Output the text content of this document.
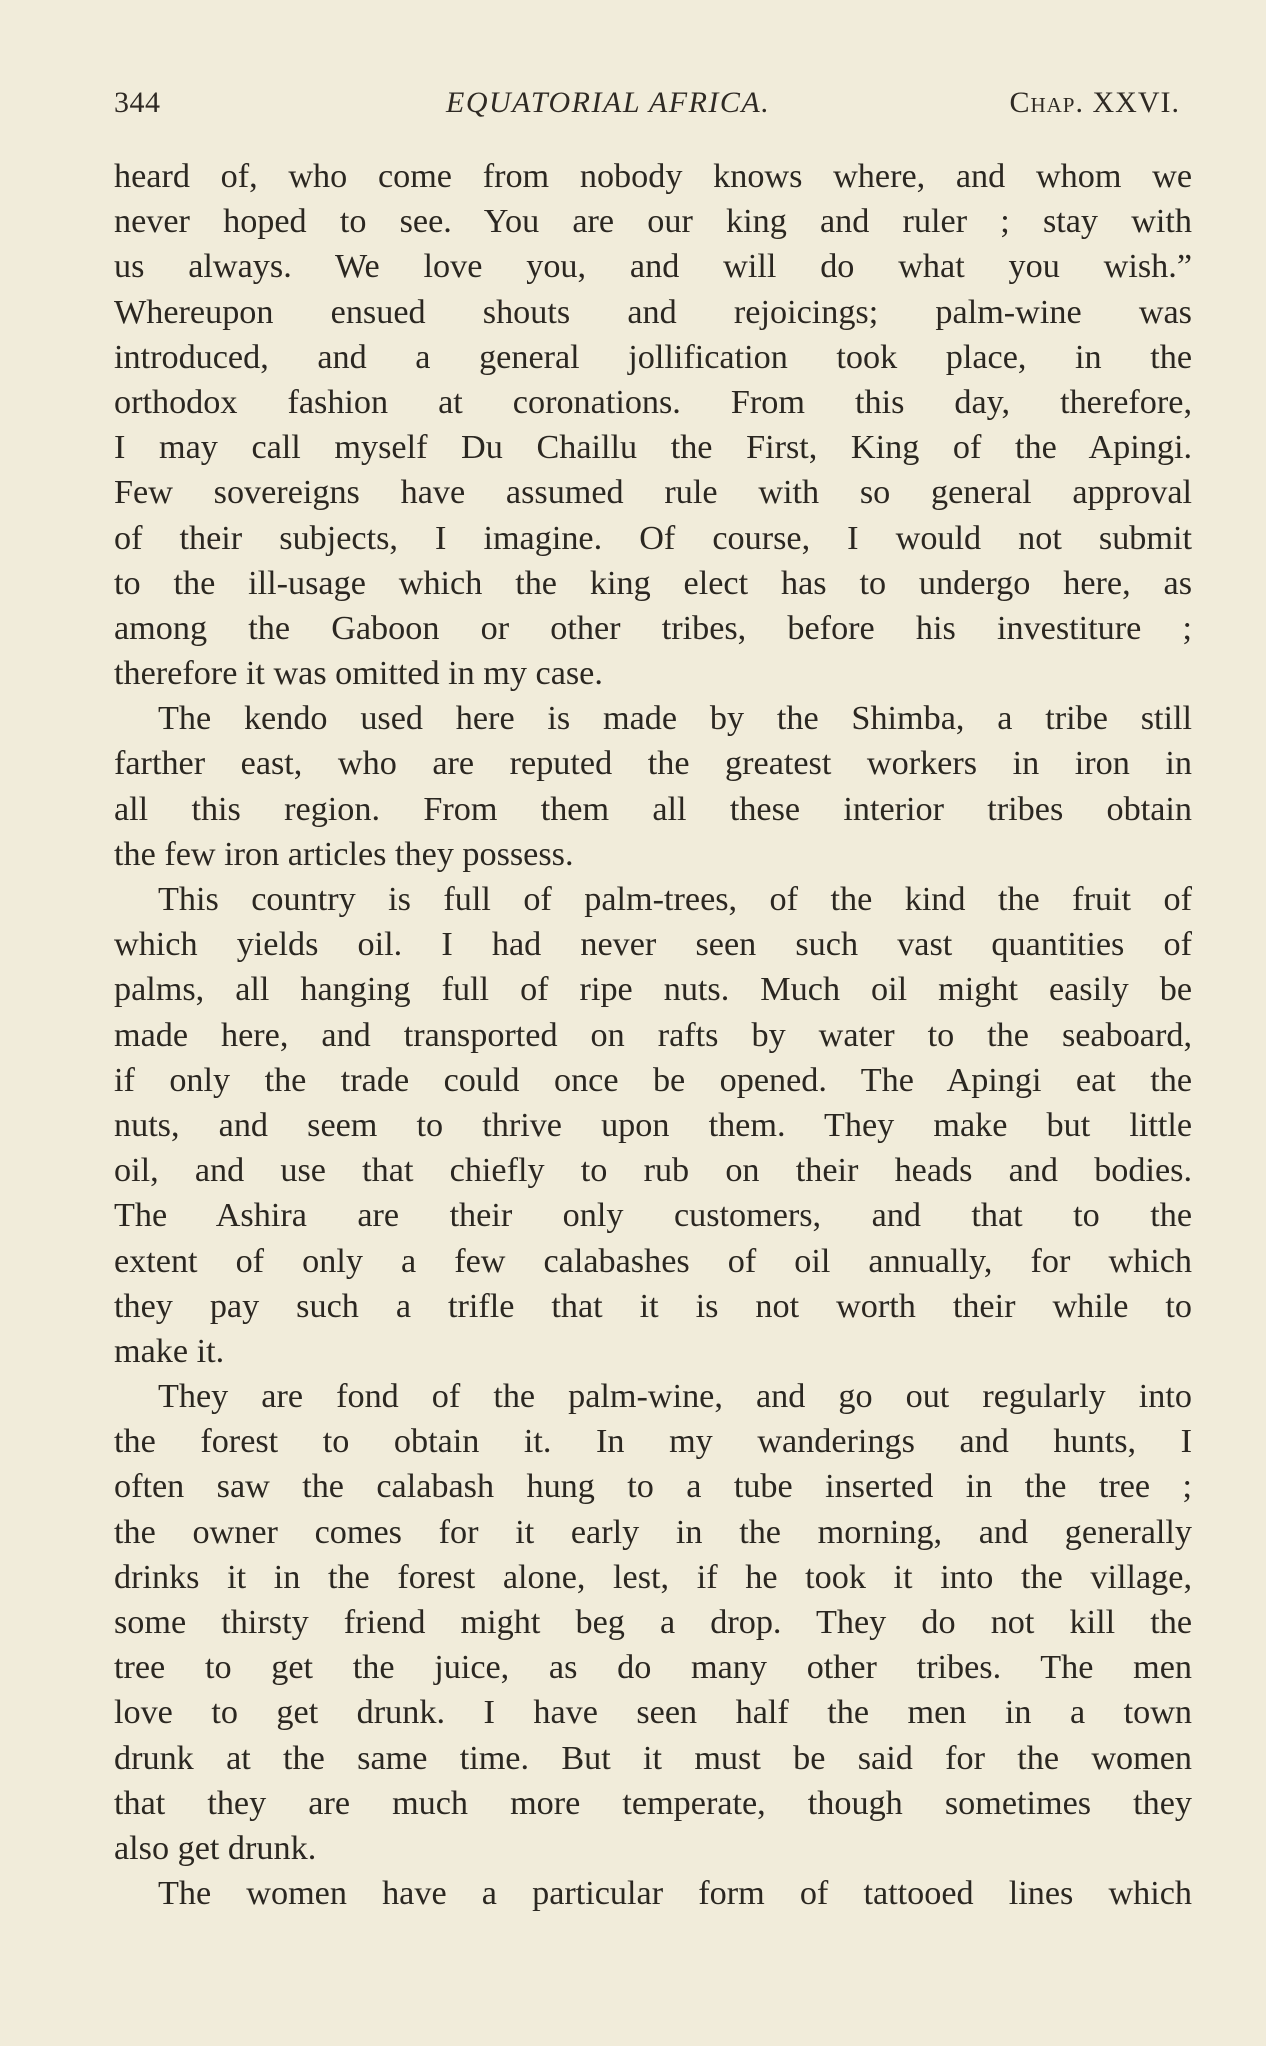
344	EQUATORIAL AFRICA.	Chap. XXVI.
heard of, who come from nobody knows where, and whom we
never hoped to see. You are our king and ruler ; stay with
us always. We love you, and will do what you wish.”
Whereupon ensued shouts and rejoicings; palm-wine was
introduced, and a general jollification took place, in the
orthodox fashion at coronations. From this day, therefore,
I may call myself Du Chaillu the First, King of the Apingi.
Few sovereigns have assumed rule with so general approval
of their subjects, I imagine. Of course, I would not submit
to the ill-usage which the king elect has to undergo here, as
among the Gaboon or other tribes, before his investiture ;
therefore it was omitted in my case.
The kendo used here is made by the Shimba, a tribe still
farther east, who are reputed the greatest workers in iron in
all this region. From them all these interior tribes obtain
the few iron articles they possess.
This country is full of palm-trees, of the kind the fruit of
which yields oil. I had never seen such vast quantities of
palms, all hanging full of ripe nuts. Much oil might easily be
made here, and transported on rafts by water to the seaboard,
if only the trade could once be opened. The Apingi eat the
nuts, and seem to thrive upon them. They make but little
oil, and use that chiefly to rub on their heads and bodies.
The Ashira are their only customers, and that to the
extent of only a few calabashes of oil annually, for which
they pay such a trifle that it is not worth their while to
make it.
They are fond of the palm-wine, and go out regularly into
the forest to obtain it. In my wanderings and hunts, I
often saw the calabash hung to a tube inserted in the tree ;
the owner comes for it early in the morning, and generally
drinks it in the forest alone, lest, if he took it into the village,
some thirsty friend might beg a drop. They do not kill the
tree to get the juice, as do many other tribes. The men
love to get drunk. I have seen half the men in a town
drunk at the same time. But it must be said for the women
that they are much more temperate, though sometimes they
also get drunk.
The women have a particular form of tattooed lines which
